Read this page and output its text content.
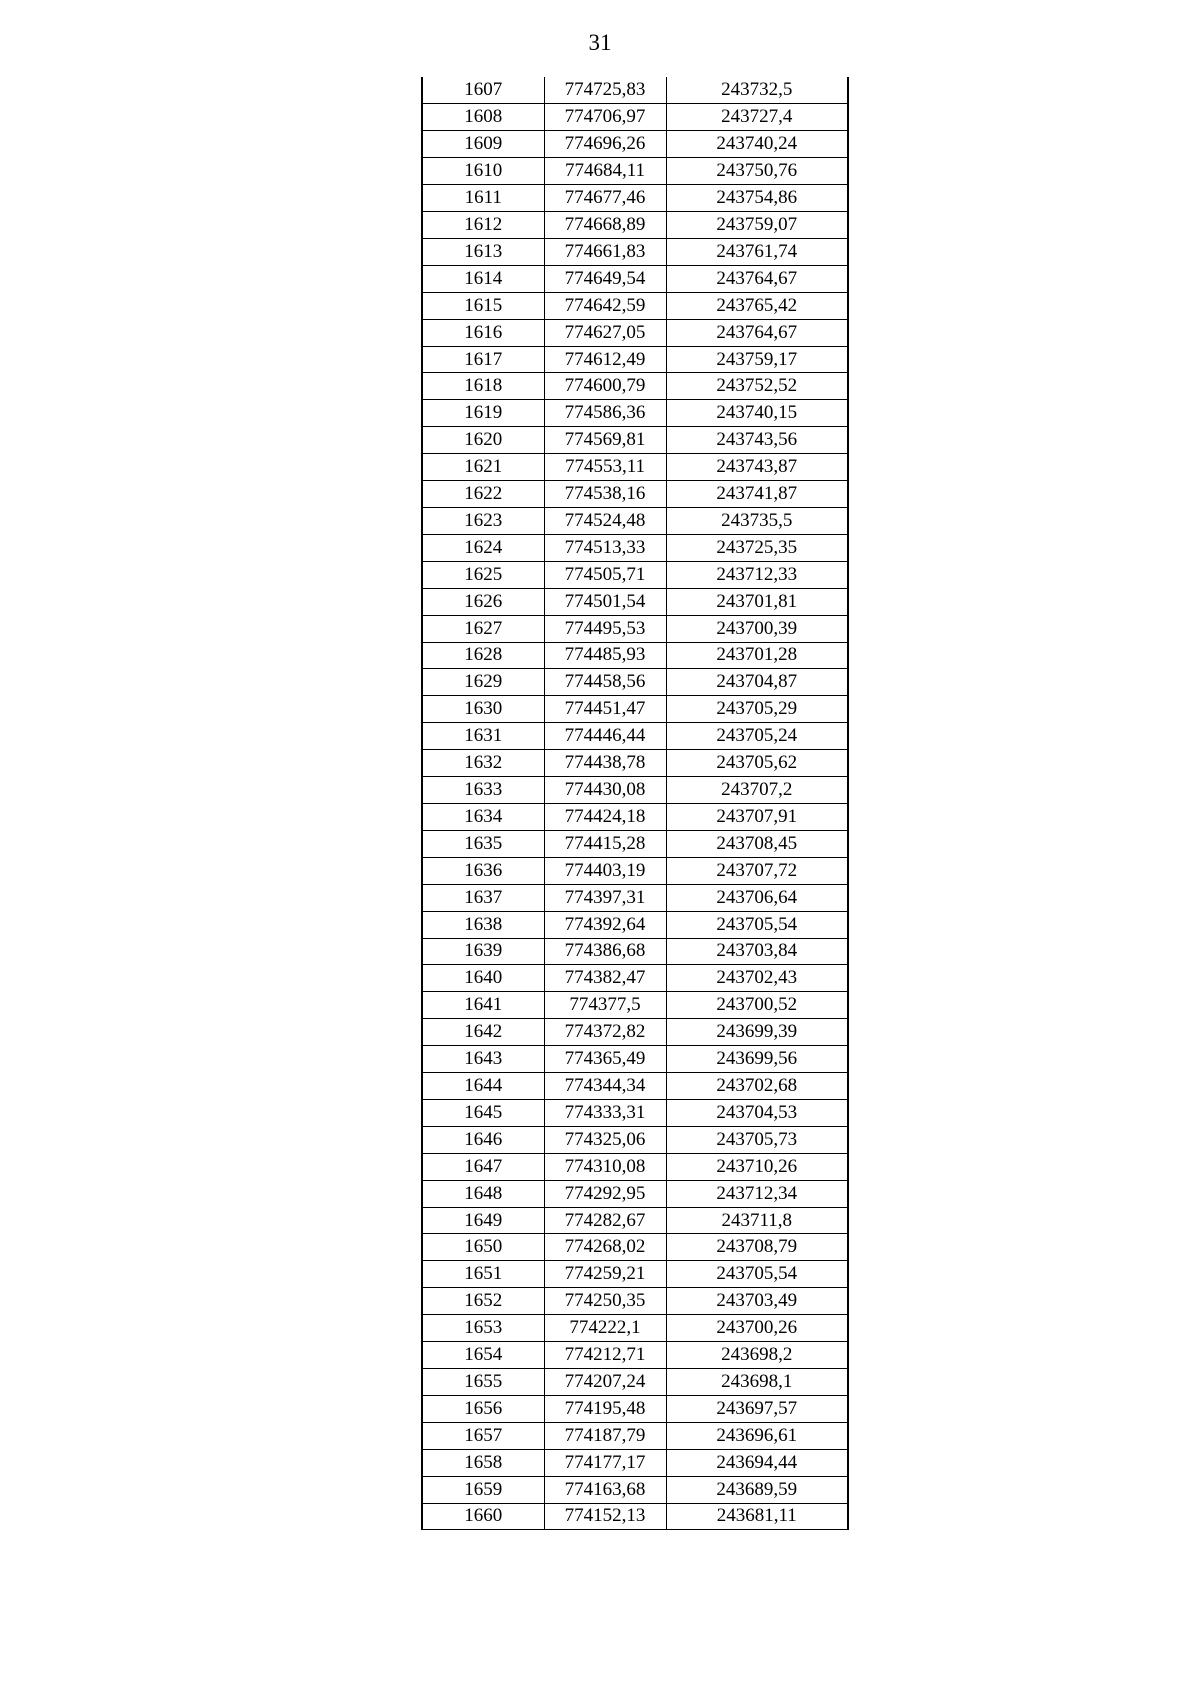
31
1607	774725,83	243732,5
1608	774706,97	243727,4
1609	774696,26	243740,24
1610	774684,11	243750,76
1611	774677,46	243754,86
1612	774668,89	243759,07
1613	774661,83	243761,74
1614	774649,54	243764,67
1615	774642,59	243765,42
1616	774627,05	243764,67
1617	774612,49	243759,17
1618	774600,79	243752,52
1619	774586,36	243740,15
1620	774569,81	243743,56
1621	774553,11	243743,87
1622	774538,16	243741,87
1623	774524,48	243735,5
1624	774513,33	243725,35
1625	774505,71	243712,33
1626	774501,54	243701,81
1627	774495,53	243700,39
1628	774485,93	243701,28
1629	774458,56	243704,87
1630	774451,47	243705,29
1631	774446,44	243705,24
1632	774438,78	243705,62
1633	774430,08	243707,2
1634	774424,18	243707,91
1635	774415,28	243708,45
1636	774403,19	243707,72
1637	774397,31	243706,64
1638	774392,64	243705,54
1639	774386,68	243703,84
1640	774382,47	243702,43
1641	774377,5	243700,52
1642	774372,82	243699,39
1643	774365,49	243699,56
1644	774344,34	243702,68
1645	774333,31	243704,53
1646	774325,06	243705,73
1647	774310,08	243710,26
1648	774292,95	243712,34
1649	774282,67	243711,8
1650	774268,02	243708,79
1651	774259,21	243705,54
1652	774250,35	243703,49
1653	774222,1	243700,26
1654	774212,71	243698,2
1655	774207,24	243698,1
1656	774195,48	243697,57
1657	774187,79	243696,61
1658	774177,17	243694,44
1659	774163,68	243689,59
1660	774152,13	243681,11
